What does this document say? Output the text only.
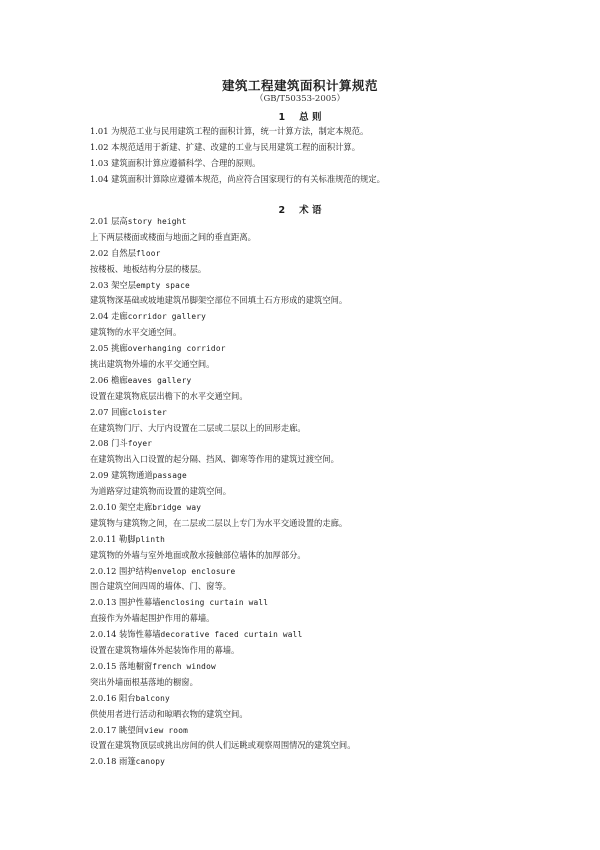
建筑工程建筑面积计算规范
（GB/T50353-2005）
1 总 则
1.01 为规范工业与民用建筑工程的面积计算，统一计算方法，制定本规范。
1.02 本规范适用于新建、扩建、改建的工业与民用建筑工程的面积计算。
1.03 建筑面积计算应遵循科学、合理的原则。
1.04 建筑面积计算除应遵循本规范，尚应符合国家现行的有关标准规范的规定。
2 术 语
2.01 层高story height
上下两层楼面或楼面与地面之间的垂直距离。
2.02 自然层floor
按楼板、地板结构分层的楼层。
2.03 架空层empty space
建筑物深基础或坡地建筑吊脚架空部位不回填土石方形成的建筑空间。
2.04 走廊corridor gallery
建筑物的水平交通空间。
2.05 挑廊overhanging corridor
挑出建筑物外墙的水平交通空间。
2.06 檐廊eaves gallery
设置在建筑物底层出檐下的水平交通空间。
2.07 回廊cloister
在建筑物门厅、大厅内设置在二层或二层以上的回形走廊。
2.08 门斗foyer
在建筑物出入口设置的起分隔、挡风、御寒等作用的建筑过渡空间。
2.09 建筑物通道passage
为道路穿过建筑物而设置的建筑空间。
2.0.10 架空走廊bridge way
建筑物与建筑物之间，在二层或二层以上专门为水平交通设置的走廊。
2.0.11 勒脚plinth
建筑物的外墙与室外地面或散水接触部位墙体的加厚部分。
2.0.12 围护结构envelop enclosure
围合建筑空间四周的墙体、门、窗等。
2.0.13 围护性幕墙enclosing curtain wall
直接作为外墙起围护作用的幕墙。
2.0.14 装饰性幕墙decorative faced curtain wall
设置在建筑物墙体外起装饰作用的幕墙。
2.0.15 落地橱窗french window
突出外墙面根基落地的橱窗。
2.0.16 阳台balcony
供使用者进行活动和晾晒衣物的建筑空间。
2.0.17 眺望间view room
设置在建筑物顶层或挑出房间的供人们远眺或观察周围情况的建筑空间。
2.0.18 雨篷canopy
